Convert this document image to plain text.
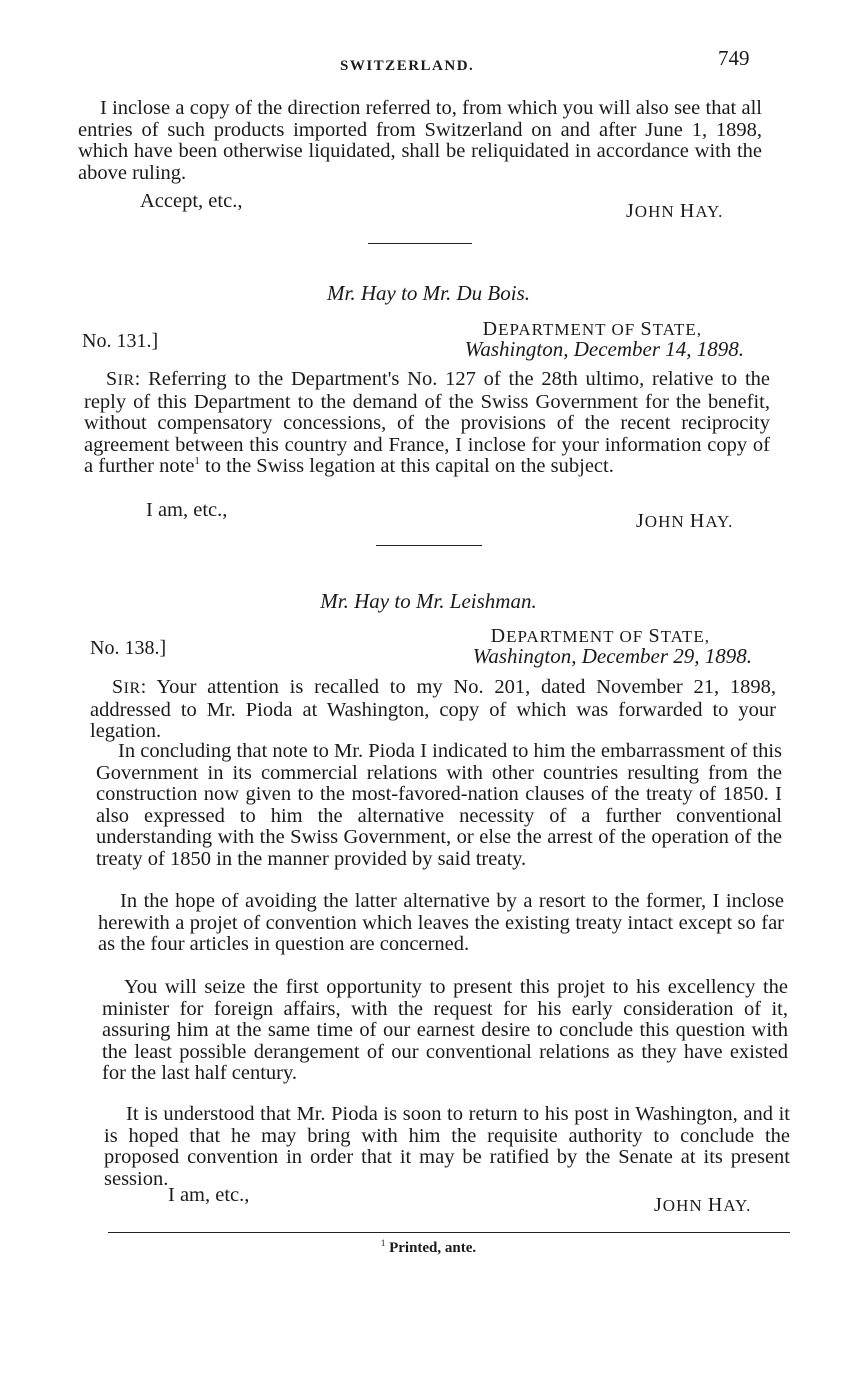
SWITZERLAND.	749

I inclose a copy of the direction referred to, from which you will also see that all entries of such products imported from Switzerland on and after June 1, 1898, which have been otherwise liquidated, shall be reliquidated in accordance with the above ruling.

Accept, etc.,	JOHN HAY.
Mr. Hay to Mr. Du Bois.
No. 131.]
DEPARTMENT OF STATE,
Washington, December 14, 1898.

SIR: Referring to the Department's No. 127 of the 28th ultimo, relative to the reply of this Department to the demand of the Swiss Government for the benefit, without compensatory concessions, of the provisions of the recent reciprocity agreement between this country and France, I inclose for your information copy of a further note$^1$ to the Swiss legation at this capital on the subject.

I am, etc.,	JOHN HAY.
Mr. Hay to Mr. Leishman.
No. 138.]
DEPARTMENT OF STATE,
Washington, December 29, 1898.

SIR: Your attention is recalled to my No. 201, dated November 21, 1898, addressed to Mr. Pioda at Washington, copy of which was forwarded to your legation.

In concluding that note to Mr. Pioda I indicated to him the embarrassment of this Government in its commercial relations with other countries resulting from the construction now given to the most-favored-nation clauses of the treaty of 1850. I also expressed to him the alternative necessity of a further conventional understanding with the Swiss Government, or else the arrest of the operation of the treaty of 1850 in the manner provided by said treaty.

In the hope of avoiding the latter alternative by a resort to the former, I inclose herewith a projet of convention which leaves the existing treaty intact except so far as the four articles in question are concerned.

You will seize the first opportunity to present this projet to his excellency the minister for foreign affairs, with the request for his early consideration of it, assuring him at the same time of our earnest desire to conclude this question with the least possible derangement of our conventional relations as they have existed for the last half century.

It is understood that Mr. Pioda is soon to return to his post in Washington, and it is hoped that he may bring with him the requisite authority to conclude the proposed convention in order that it may be ratified by the Senate at its present session.

I am, etc.,	JOHN HAY.
$^1$ Printed, ante.
